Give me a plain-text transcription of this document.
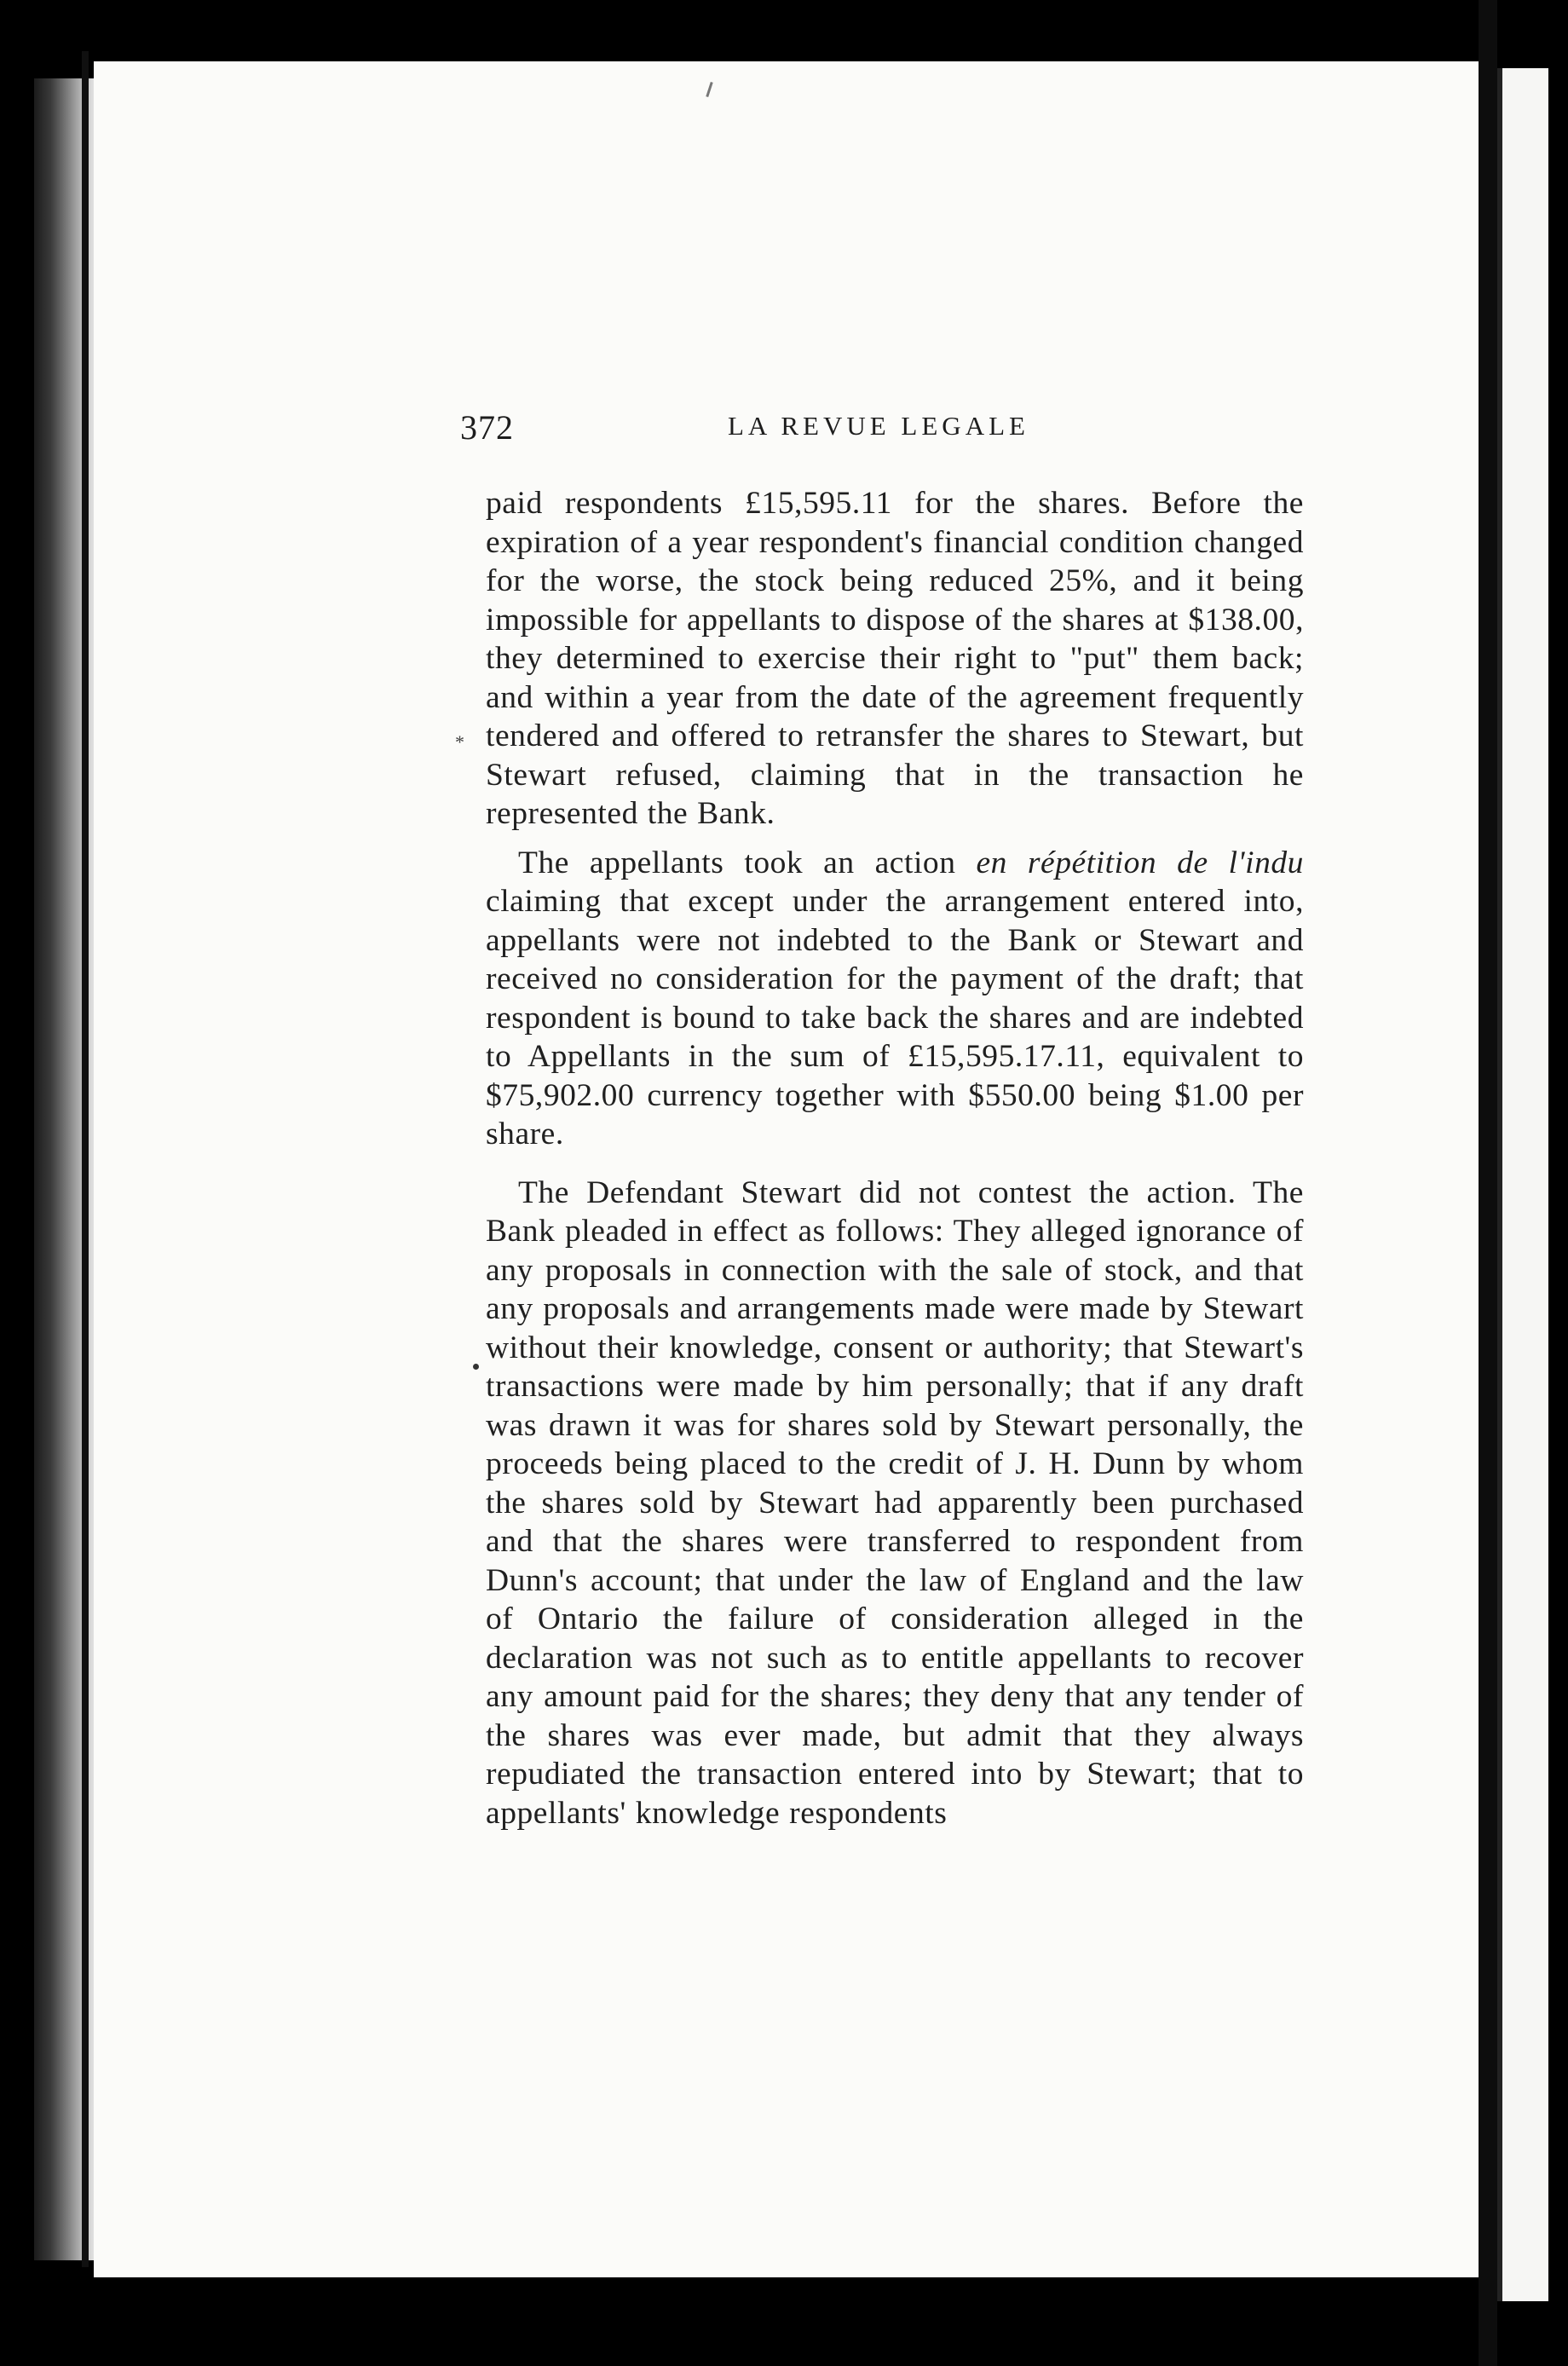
372	LA REVUE LEGALE
*

paid respondents £15,595.11 for the shares. Before the expiration of a year respondent's financial condition changed for the worse, the stock being reduced 25%, and it being impossible for appellants to dispose of the shares at $138.00, they determined to exercise their right to "put" them back; and within a year from the date of the agreement frequently tendered and offered to retransfer the shares to Stewart, but Stewart refused, claiming that in the transaction he represented the Bank.

The appellants took an action en répétition de l'indu claiming that except under the arrangement entered into, appellants were not indebted to the Bank or Stewart and received no consideration for the payment of the draft; that respondent is bound to take back the shares and are indebted to Appellants in the sum of £15,595.17.11, equivalent to $75,902.00 currency together with $550.00 being $1.00 per share.

The Defendant Stewart did not contest the action. The Bank pleaded in effect as follows: They alleged ignorance of any proposals in connection with the sale of stock, and that any proposals and arrangements made were made by Stewart without their knowledge, consent or authority; that Stewart's transactions were made by him personally; that if any draft was drawn it was for shares sold by Stewart personally, the proceeds being placed to the credit of J. H. Dunn by whom the shares sold by Stewart had apparently been purchased and that the shares were transferred to respondent from Dunn's account; that under the law of England and the law of Ontario the failure of consideration alleged in the declaration was not such as to entitle appellants to recover any amount paid for the shares; they deny that any tender of the shares was ever made, but admit that they always repudiated the transaction entered into by Stewart; that to appellants' knowledge respondents
